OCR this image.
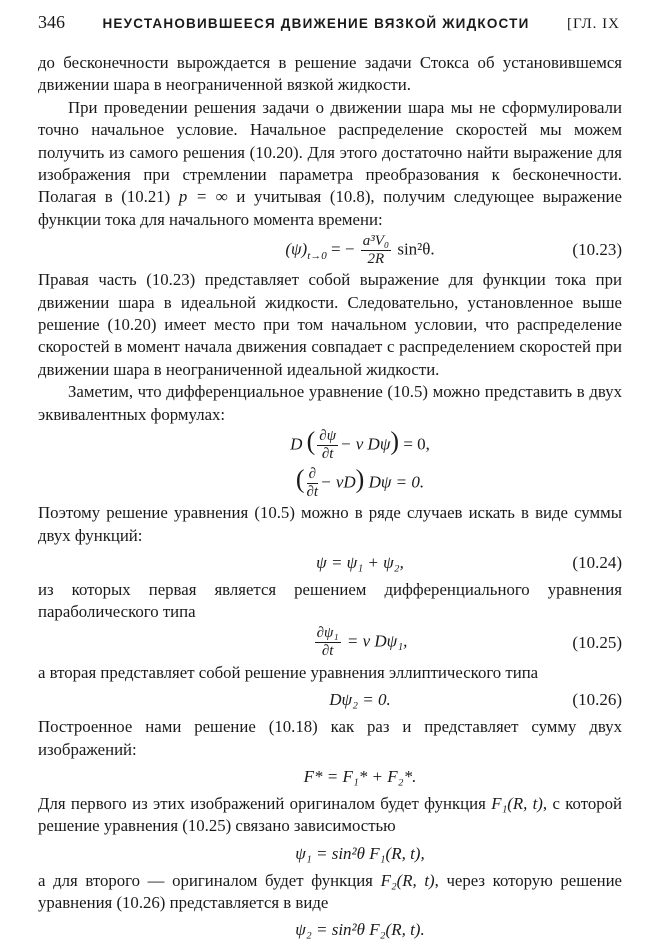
346	НЕУСТАНОВИВШЕЕСЯ ДВИЖЕНИЕ ВЯЗКОЙ ЖИДКОСТИ [ГЛ. IX

до бесконечности вырождается в решение задачи Стокса об установившемся движении шара в неограниченной вязкой жидкости.

При проведении решения задачи о движении шара мы не сформулировали точно начальное условие. Начальное распределение скоростей мы можем получить из самого решения (10.20). Для этого достаточно найти выражение для изображения при стремлении параметра преобразования к бесконечности. Полагая в (10.21) p = ∞ и учитывая (10.8), получим следующее выражение функции тока для начального момента времени:

$(\psi)_{t\to 0}$ = − $\frac{\text{a³V₀}}{2R} \sin^2\theta$.	(10.23)

Правая часть (10.23) представляет собой выражение для функции тока при движении шара в идеальной жидкости. Следовательно, установленное выше решение (10.20) имеет место при том начальном условии, что распределение скоростей в момент начала движения совпадает с распределением скоростей при движении шара в неограниченной идеальной жидкости.

Заметим, что дифференциальное уравнение (10.5) можно представить в двух эквивалентных формулах:

D ( $\frac{\partial\psi}{\partial t} - \nu$ Dψ) = 0,
( $\frac{\partial}{\partial t} - \nu D$) Dψ = 0.

Поэтому решение уравнения (10.5) можно в ряде случаев искать в виде суммы двух функций:

ψ = ψ₁ + ψ₂,	(10.24)

из которых первая является решением дифференциального уравнения параболического типа

$\frac{\text{∂ψ₁}}{\partial t} = \nu$ Dψ₁,	(10.25)

а вторая представляет собой решение уравнения эллиптического типа

Dψ₂ = 0.	(10.26)

Построенное нами решение (10.18) как раз и представляет сумму двух изображений:

F* = F₁* + F₂*.

Для первого из этих изображений оригиналом будет функция F₁(R, t), с которой решение уравнения (10.25) связано зависимостью

ψ₁ = sin²θ F₁(R, t),

а для второго — оригиналом будет функция F₂(R, t), через которую решение уравнения (10.26) представляется в виде

ψ₂ = sin²θ F₂(R, t).
